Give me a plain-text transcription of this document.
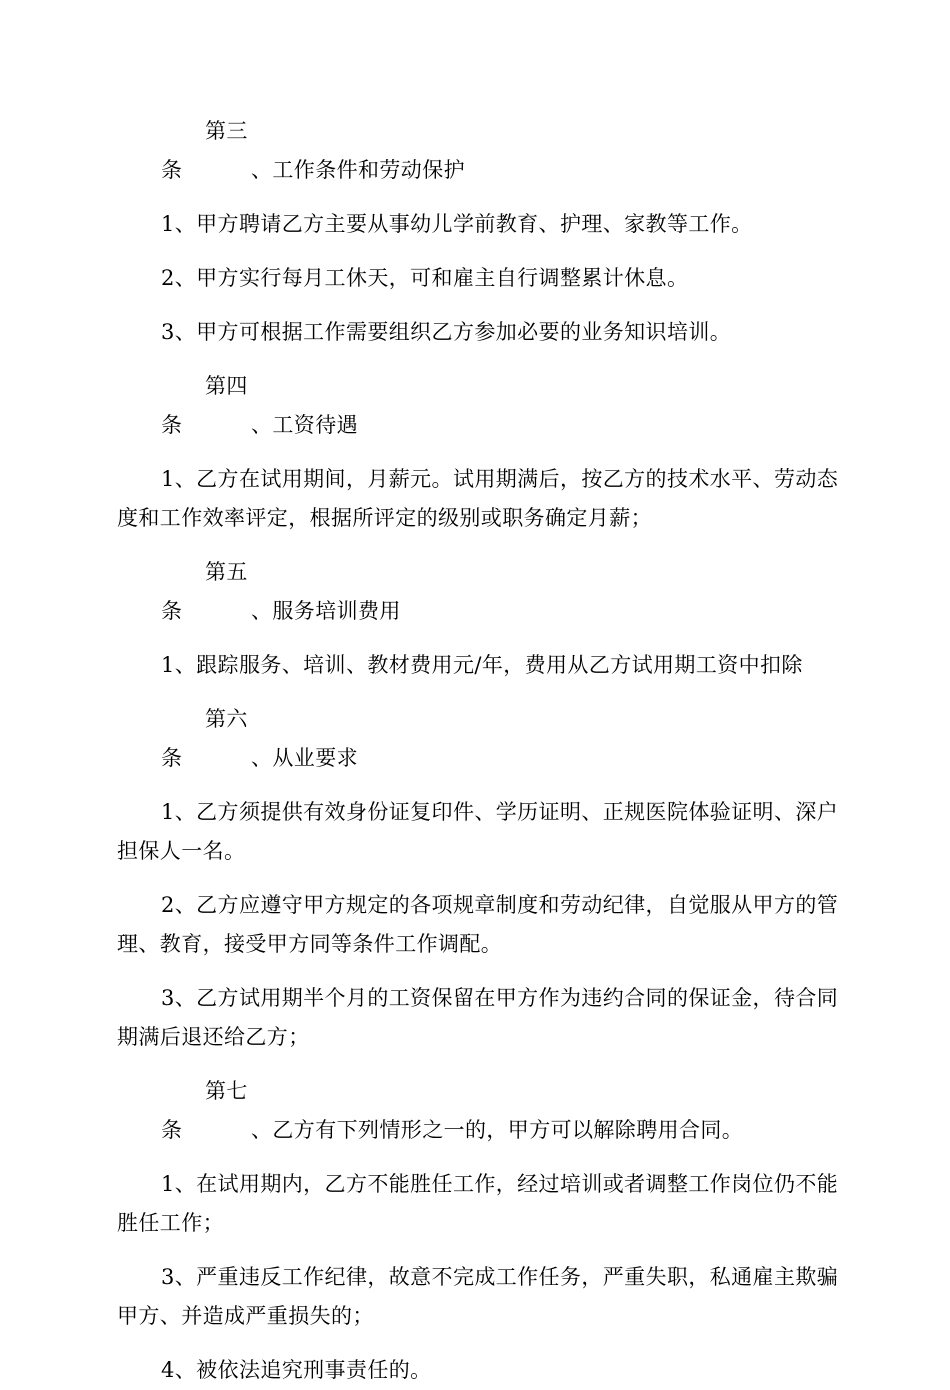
第三条	、工作条件和劳动保护

1、甲方聘请乙方主要从事幼儿学前教育、护理、家教等工作。

2、甲方实行每月工休天，可和雇主自行调整累计休息。

3、甲方可根据工作需要组织乙方参加必要的业务知识培训。

第四条	、工资待遇

1、乙方在试用期间，月薪元。试用期满后，按乙方的技术水平、劳动态度和工作效率评定，根据所评定的级别或职务确定月薪；

第五条	、服务培训费用

1、跟踪服务、培训、教材费用元/年，费用从乙方试用期工资中扣除

第六条	、从业要求

1、乙方须提供有效身份证复印件、学历证明、正规医院体验证明、深户担保人一名。

2、乙方应遵守甲方规定的各项规章制度和劳动纪律，自觉服从甲方的管理、教育，接受甲方同等条件工作调配。

3、乙方试用期半个月的工资保留在甲方作为违约合同的保证金，待合同期满后退还给乙方；

第七条	、乙方有下列情形之一的，甲方可以解除聘用合同。

1、在试用期内，乙方不能胜任工作，经过培训或者调整工作岗位仍不能胜任工作；

3、严重违反工作纪律，故意不完成工作任务，严重失职，私通雇主欺骗甲方、并造成严重损失的；

4、被依法追究刑事责任的。
